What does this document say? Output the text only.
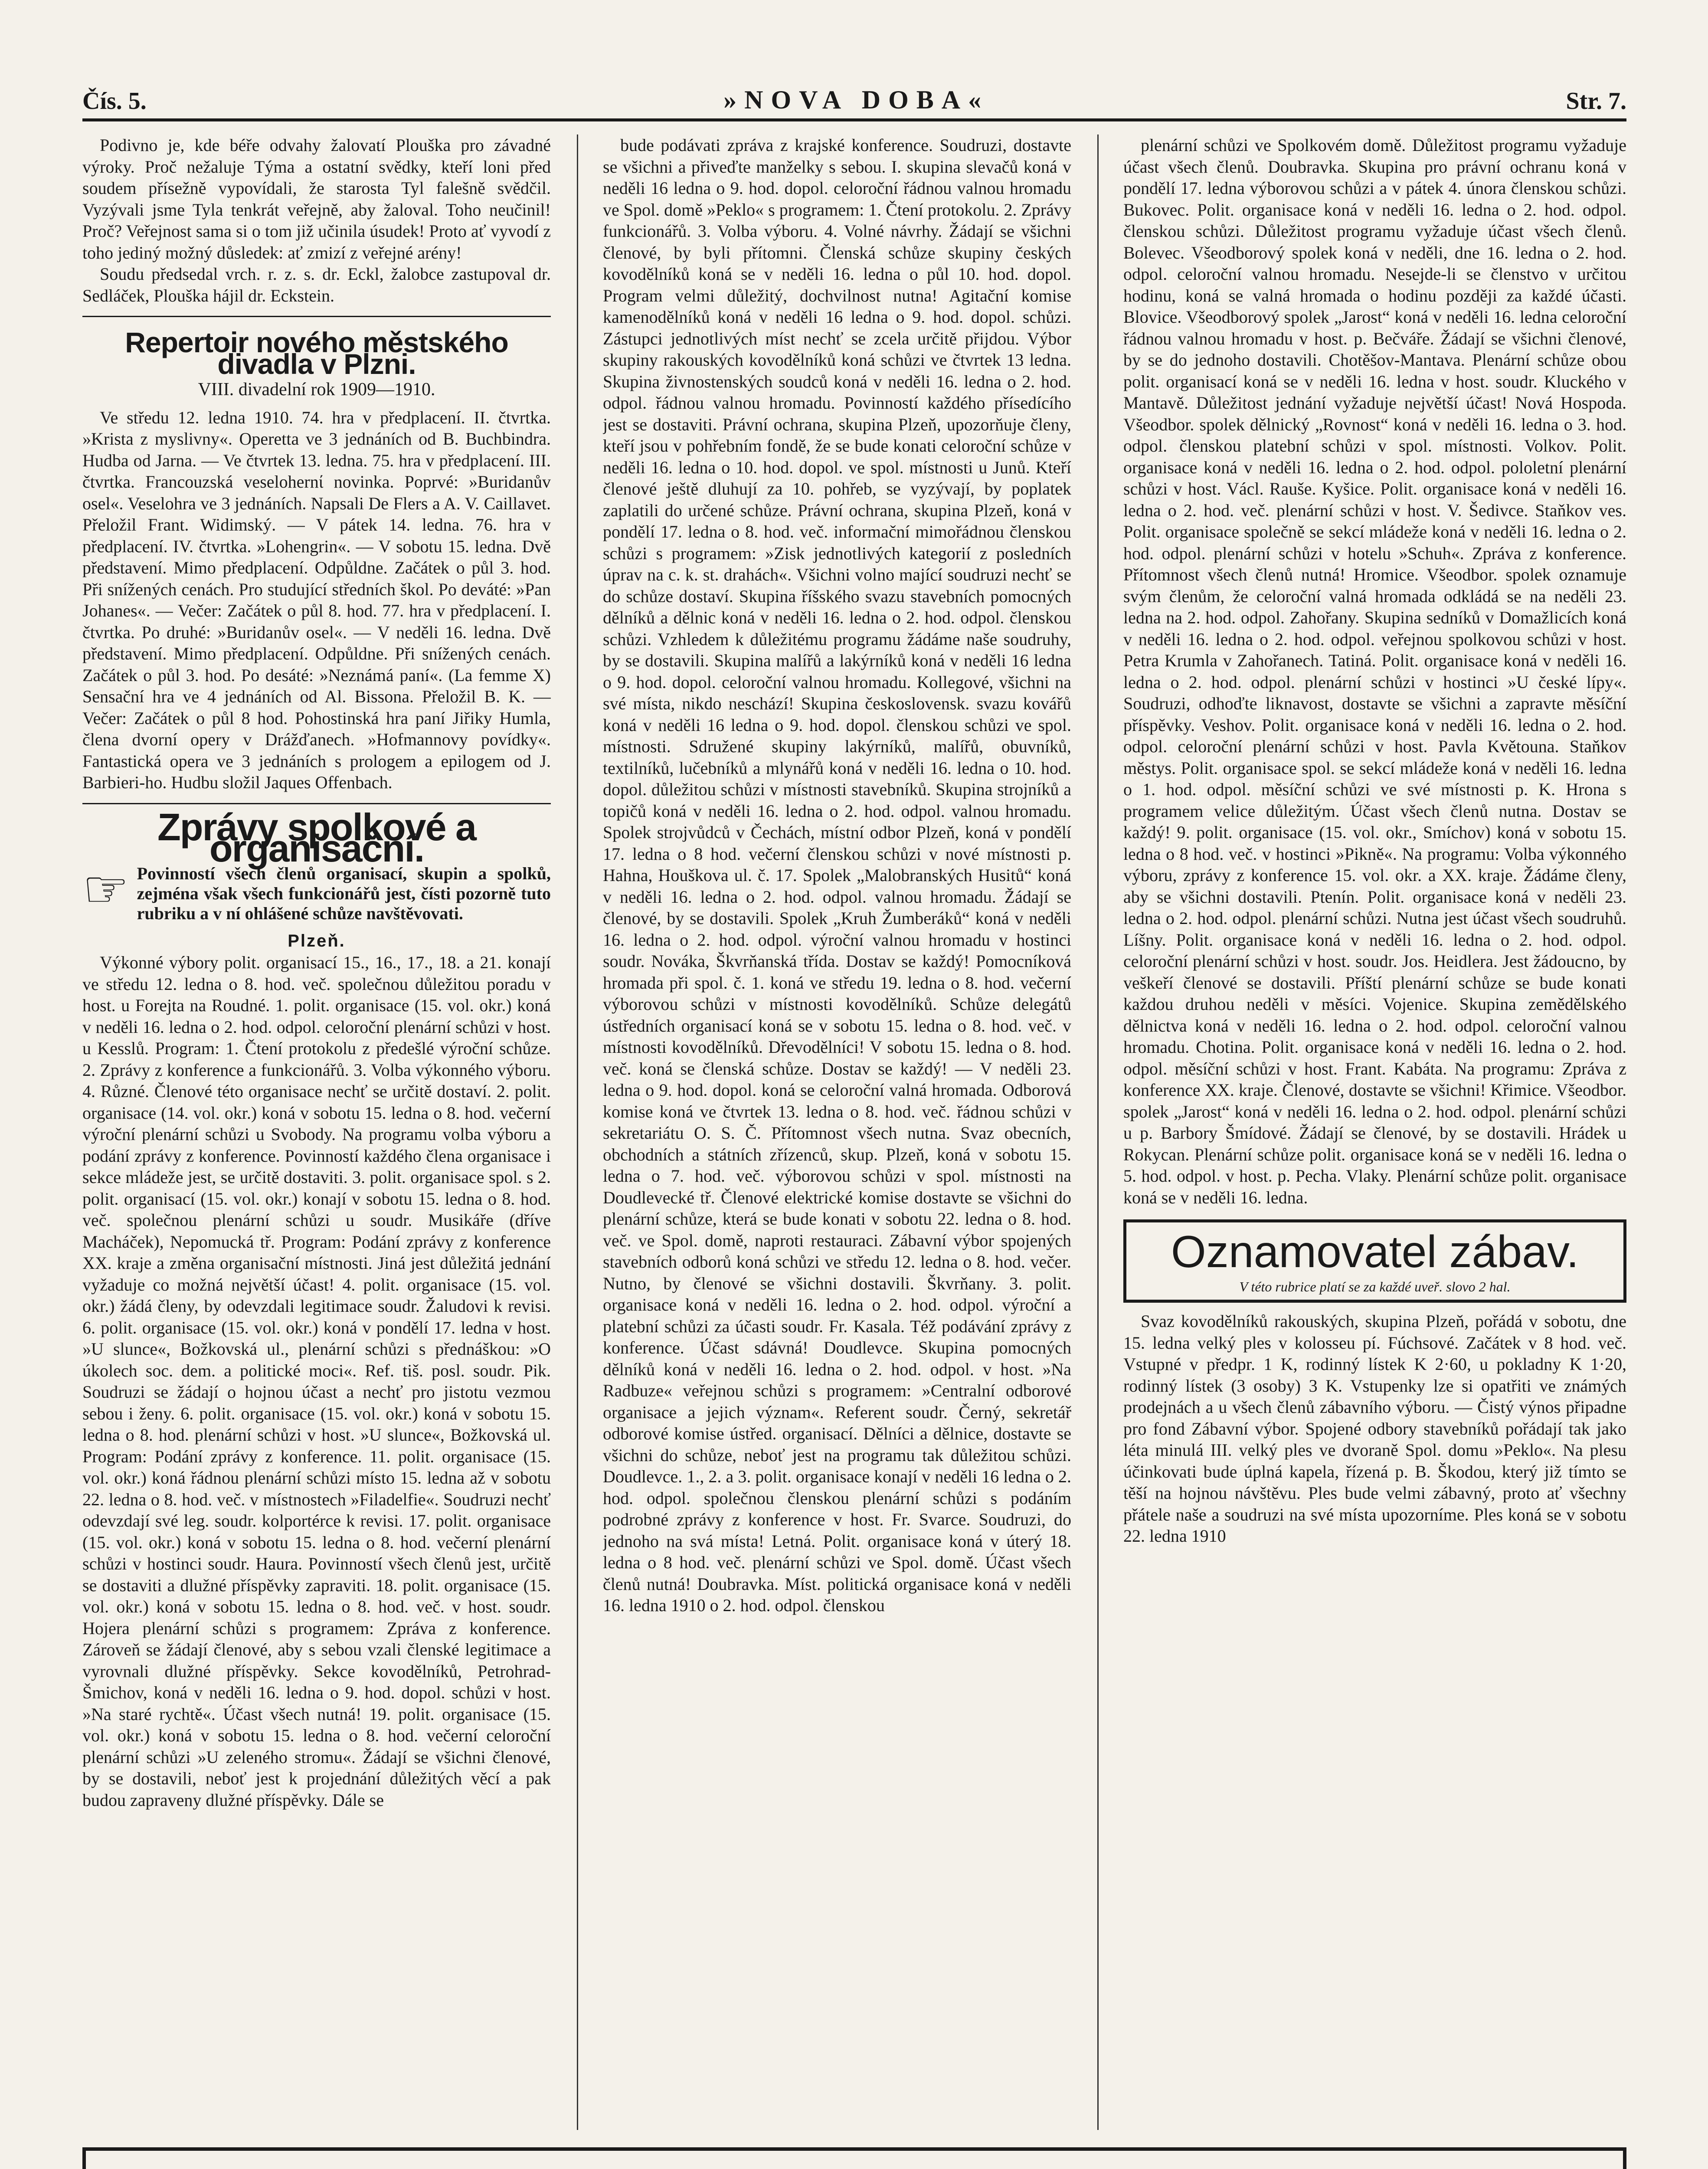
Čís. 5.	»NOVA DOBA«	Str. 7.

Podivno je, kde béře odvahy žalovatí Plouška pro závadné výroky. Proč nežaluje Týma a ostatní svědky, kteří loni před soudem přísežně vypovídali, že starosta Tyl falešně svědčil. Vyzývali jsme Tyla tenkrát veřejně, aby žaloval. Toho neučinil! Proč? Veřejnost sama si o tom již učinila úsudek! Proto ať vyvodí z toho jediný možný důsledek: ať zmizí z veřejné arény!

Soudu předsedal vrch. r. z. s. dr. Eckl, žalobce zastupoval dr. Sedláček, Plouška hájil dr. Eckstein.

Repertoir nového městského divadla v Plzni.

VIII. divadelní rok 1909—1910.

Ve středu 12. ledna 1910. 74. hra v předplacení. II. čtvrtka. »Krista z myslivny«. Operetta ve 3 jednáních od B. Buchbindra. Hudba od Jarna. — Ve čtvrtek 13. ledna. 75. hra v předplacení. III. čtvrtka. Francouzská veselohernί novinka. Poprvé: »Buridanův osel«. Veselohra ve 3 jednáních. Napsali De Flers a A. V. Caillavet. Přeložil Frant. Widimský. — V pátek 14. ledna. 76. hra v předplacení. IV. čtvrtka. »Lohengrin«. — V sobotu 15. ledna. Dvě představení. Mimo předplacení. Odpůldne. Začátek o půl 3. hod. Při snížených cenách. Pro studující středních škol. Po deváté: »Pan Johanes«. — Večer: Začátek o půl 8. hod. 77. hra v předplacení. I. čtvrtka. Po druhé: »Buridanův osel«. — V neděli 16. ledna. Dvě představení. Mimo předplacení. Odpůldne. Při snížených cenách. Začátek o půl 3. hod. Po desáté: »Neznámá paní«. (La femme X) Sensační hra ve 4 jednáních od Al. Bissona. Přeložil B. K. — Večer: Začátek o půl 8 hod. Pohostinská hra paní Jiřiky Humla, člena dvorní opery v Drážďanech. »Hofmannovy povídky«. Fantastická opera ve 3 jednáních s prologem a epilogem od J. Barbieri-ho. Hudbu složil Jaques Offenbach.

Zprávy spolkové a organisační.
☞ Povinností všech členů organisací, skupin a spolků, zejména však všech funkcionářů jest, čísti pozorně tuto rubriku a v ní ohlášené schůze navštěvovati.

Plzeň.

Výkonné výbory polit. organisací 15., 16., 17., 18. a 21. konají ve středu 12. ledna o 8. hod. več. společnou důležitou poradu v host. u Forejta na Roudné. 1. polit. organisace (15. vol. okr.) koná v neděli 16. ledna o 2. hod. odpol. celoroční plenární schůzi v host. u Kesslů. Program: 1. Čtení protokolu z předešlé výroční schůze. 2. Zprávy z konference a funkcionářů. 3. Volba výkonného výboru. 4. Různé. Členové této organisace nechť se určitě dostaví. 2. polit. organisace (14. vol. okr.) koná v sobotu 15. ledna o 8. hod. večerní výroční plenární schůzi u Svobody. Na programu volba výboru a podání zprávy z konference. Povinností každého člena organisace i sekce mládeže jest, se určitě dostaviti. 3. polit. organisace spol. s 2. polit. organisací (15. vol. okr.) konají v sobotu 15. ledna o 8. hod. več. společnou plenární schůzi u soudr. Musikáře (dříve Macháček), Nepomucká tř. Program: Podání zprávy z konference XX. kraje a změna organisační místnosti. Jiná jest důležitá jednání vyžaduje co možná největší účast! 4. polit. organisace (15. vol. okr.) žádá členy, by odevzdali legitimace soudr. Žaludovi k revisi. 6. polit. organisace (15. vol. okr.) koná v pondělí 17. ledna v host. »U slunce«, Božkovská ul., plenární schůzi s přednáškou: »O úkolech soc. dem. a politické moci«. Ref. tiš. posl. soudr. Pik. Soudruzi se žádají o hojnou účast a nechť pro jistotu vezmou sebou i ženy. 6. polit. organisace (15. vol. okr.) koná v sobotu 15. ledna o 8. hod. plenární schůzi v host. »U slunce«, Božkovská ul. Program: Podání zprávy z konference. 11. polit. organisace (15. vol. okr.) koná řádnou plenární schůzi místo 15. ledna až v sobotu 22. ledna o 8. hod. več. v místnostech »Filadelfie«. Soudruzi nechť odevzdají své leg. soudr. kolportérce k revisi. 17. polit. organisace (15. vol. okr.) koná v sobotu 15. ledna o 8. hod. večerní plenární schůzi v hostinci soudr. Haura. Povinností všech členů jest, určitě se dostaviti a dlužné příspěvky zapraviti. 18. polit. organisace (15. vol. okr.) koná v sobotu 15. ledna o 8. hod. več. v host. soudr. Hojera plenární schůzi s programem: Zpráva z konference. Zároveň se žádají členové, aby s sebou vzali členské legitimace a vyrovnali dlužné příspěvky. Sekce kovodělníků, Petrohrad-Šmichov, koná v neděli 16. ledna o 9. hod. dopol. schůzi v host. »Na staré rychtě«. Účast všech nutná! 19. polit. organisace (15. vol. okr.) koná v sobotu 15. ledna o 8. hod. večerní celoroční plenární schůzi »U zeleného stromu«. Žádají se všichni členové, by se dostavili, neboť jest k projednání důležitých věcí a pak budou zapraveny dlužné příspěvky. Dále se

bude podávati zpráva z krajské konference. Soudruzi, dostavte se všichni a přiveďte manželky s sebou. I. skupina slevačů koná v neděli 16 ledna o 9. hod. dopol. celoroční řádnou valnou hromadu ve Spol. domě »Peklo« s programem: 1. Čtení protokolu. 2. Zprávy funkcionářů. 3. Volba výboru. 4. Volné návrhy. Žádají se všichni členové, by byli přítomni. Členská schůze skupiny českých kovodělníků koná se v neděli 16. ledna o půl 10. hod. dopol. Program velmi důležitý, dochvilnost nutna! Agitační komise kamenodělníků koná v neděli 16 ledna o 9. hod. dopol. schůzi. Zástupci jednotlivých míst nechť se zcela určitě přijdou. Výbor skupiny rakouských kovodělníků koná schůzi ve čtvrtek 13 ledna. Skupina živnostenských soudců koná v neděli 16. ledna o 2. hod. odpol. řádnou valnou hromadu. Povinností každého přísedícího jest se dostaviti. Právní ochrana, skupina Plzeň, upozorňuje členy, kteří jsou v pohřebním fondě, že se bude konati celoroční schůze v neděli 16. ledna o 10. hod. dopol. ve spol. místnosti u Junů. Kteří členové ještě dluhují za 10. pohřeb, se vyzývají, by poplatek zaplatili do určené schůze. Právní ochrana, skupina Plzeň, koná v pondělí 17. ledna o 8. hod. več. informační mimořádnou členskou schůzi s programem: »Zisk jednotlivých kategorií z posledních úprav na c. k. st. drahách«. Všichni volno mající soudruzi nechť se do schůze dostaví. Skupina říšského svazu stavebních pomocných dělníků a dělnic koná v neděli 16. ledna o 2. hod. odpol. členskou schůzi. Vzhledem k důležitému programu žádáme naše soudruhy, by se dostavili. Skupina malířů a lakýrníků koná v neděli 16 ledna o 9. hod. dopol. celoroční valnou hromadu. Kollegové, všichni na své místa, nikdo neschází! Skupina československ. svazu kovářů koná v neděli 16 ledna o 9. hod. dopol. členskou schůzi ve spol. místnosti. Sdružené skupiny lakýrníků, malířů, obuvníků, textilníků, lučebníků a mlynářů koná v neděli 16. ledna o 10. hod. dopol. důležitou schůzi v místnosti stavebníků. Skupina strojníků a topičů koná v neděli 16. ledna o 2. hod. odpol. valnou hromadu. Spolek strojvůdců v Čechách, místní odbor Plzeň, koná v pondělí 17. ledna o 8 hod. večerní členskou schůzi v nové místnosti p. Hahna, Houškova ul. č. 17. Spolek „Malobranských Husitů“ koná v neděli 16. ledna o 2. hod. odpol. valnou hromadu. Žádají se členové, by se dostavili. Spolek „Kruh Žumberáků“ koná v neděli 16. ledna o 2. hod. odpol. výroční valnou hromadu v hostinci soudr. Nováka, Škvrňanská třída. Dostav se každý! Pomocníková hromada při spol. č. 1. koná ve středu 19. ledna o 8. hod. večerní výborovou schůzi v místnosti kovodělníků. Schůze delegátů ústředních organisací koná se v sobotu 15. ledna o 8. hod. več. v místnosti kovodělníků. Dřevodělníci! V sobotu 15. ledna o 8. hod. več. koná se členská schůze. Dostav se každý! — V neděli 23. ledna o 9. hod. dopol. koná se celoroční valná hromada. Odborová komise koná ve čtvrtek 13. ledna o 8. hod. več. řádnou schůzi v sekretariátu O. S. Č. Přítomnost všech nutna. Svaz obecních, obchodních a státních zřízenců, skup. Plzeň, koná v sobotu 15. ledna o 7. hod. več. výborovou schůzi v spol. místnosti na Doudlevecké tř. Členové elektrické komise dostavte se všichni do plenární schůze, která se bude konati v sobotu 22. ledna o 8. hod. več. ve Spol. domě, naproti restauraci. Zábavní výbor spojených stavebních odborů koná schůzi ve středu 12. ledna o 8. hod. večer. Nutno, by členové se všichni dostavili. Škvrňany. 3. polit. organisace koná v neděli 16. ledna o 2. hod. odpol. výroční a platební schůzi za účasti soudr. Fr. Kasala. Též podávání zprávy z konference. Účast sdávná! Doudlevce. Skupina pomocných dělníků koná v neděli 16. ledna o 2. hod. odpol. v host. »Na Radbuze« veřejnou schůzi s programem: »Centralní odborové organisace a jejich význam«. Referent soudr. Černý, sekretář odborové komise ústřed. organisací. Dělníci a dělnice, dostavte se všichni do schůze, neboť jest na programu tak důležitou schůzi. Doudlevce. 1., 2. a 3. polit. organisace konají v neděli 16 ledna o 2. hod. odpol. společnou členskou plenární schůzi s podáním podrobné zprávy z konference v host. Fr. Svarce. Soudruzi, do jednoho na svá místa! Letná. Polit. organisace koná v úterý 18. ledna o 8 hod. več. plenární schůzi ve Spol. domě. Účast všech členů nutná! Doubravka. Míst. politická organisace koná v neděli 16. ledna 1910 o 2. hod. odpol. členskou

plenární schůzi ve Spolkovém domě. Důležitost programu vyžaduje účast všech členů. Doubravka. Skupina pro právní ochranu koná v pondělí 17. ledna výborovou schůzi a v pátek 4. února členskou schůzi. Bukovec. Polit. organisace koná v neděli 16. ledna o 2. hod. odpol. členskou schůzi. Důležitost programu vyžaduje účast všech členů. Bolevec. Všeodborový spolek koná v neděli, dne 16. ledna o 2. hod. odpol. celoroční valnou hromadu. Nesejde-li se členstvo v určitou hodinu, koná se valná hromada o hodinu později za každé účasti. Blovice. Všeodborový spolek „Jarost“ koná v neděli 16. ledna celoroční řádnou valnou hromadu v host. p. Bečváře. Žádají se všichni členové, by se do jednoho dostavili. Chotěšov-Mantava. Plenární schůze obou polit. organisací koná se v neděli 16. ledna v host. soudr. Kluckého v Mantavě. Důležitost jednání vyžaduje největší účast! Nová Hospoda. Všeodbor. spolek dělnický „Rovnost“ koná v neděli 16. ledna o 3. hod. odpol. členskou platební schůzi v spol. místnosti. Volkov. Polit. organisace koná v neděli 16. ledna o 2. hod. odpol. pololetní plenární schůzi v host. Václ. Rauše. Kyšice. Polit. organisace koná v neděli 16. ledna o 2. hod. več. plenární schůzi v host. V. Šedivce. Staňkov ves. Polit. organisace společně se sekcí mládeže koná v neděli 16. ledna o 2. hod. odpol. plenární schůzi v hotelu »Schuh«. Zpráva z konference. Přítomnost všech členů nutná! Hromice. Všeodbor. spolek oznamuje svým členům, že celoroční valná hromada odkládá se na neděli 23. ledna na 2. hod. odpol. Zahořany. Skupina sedníků v Domažlicích koná v neděli 16. ledna o 2. hod. odpol. veřejnou spolkovou schůzi v host. Petra Krumla v Zahořanech. Tatiná. Polit. organisace koná v neděli 16. ledna o 2. hod. odpol. plenární schůzi v hostinci »U české lípy«. Soudruzi, odhoďte liknavost, dostavte se všichni a zapravte měsíční příspěvky. Veshov. Polit. organisace koná v neděli 16. ledna o 2. hod. odpol. celoroční plenární schůzi v host. Pavla Květouna. Staňkov městys. Polit. organisace spol. se sekcí mládeže koná v neděli 16. ledna o 1. hod. odpol. měsíční schůzi ve své místnosti p. K. Hrona s programem velice důležitým. Účast všech členů nutna. Dostav se každý! 9. polit. organisace (15. vol. okr., Smíchov) koná v sobotu 15. ledna o 8 hod. več. v hostinci »Pikně«. Na programu: Volba výkonného výboru, zprávy z konference 15. vol. okr. a XX. kraje. Žádáme členy, aby se všichni dostavili. Ptenín. Polit. organisace koná v neděli 23. ledna o 2. hod. odpol. plenární schůzi. Nutna jest účast všech soudruhů. Líšny. Polit. organisace koná v neděli 16. ledna o 2. hod. odpol. celoroční plenární schůzi v host. soudr. Jos. Heidlera. Jest žádoucno, by veškeří členové se dostavili. Příští plenární schůze se bude konati každou druhou neděli v měsíci. Vojenice. Skupina zemědělského dělnictva koná v neděli 16. ledna o 2. hod. odpol. celoroční valnou hromadu. Chotina. Polit. organisace koná v neděli 16. ledna o 2. hod. odpol. měsíční schůzi v host. Frant. Kabáta. Na programu: Zpráva z konference XX. kraje. Členové, dostavte se všichni! Křimice. Všeodbor. spolek „Jarost“ koná v neděli 16. ledna o 2. hod. odpol. plenární schůzi u p. Barbory Šmídové. Žádají se členové, by se dostavili. Hrádek u Rokycan. Plenární schůze polit. organisace koná se v neděli 16. ledna o 5. hod. odpol. v host. p. Pecha. Vlaky. Plenární schůze polit. organisace koná se v neděli 16. ledna.

Oznamovatel zábav.
V této rubrice platí se za každé uveř. slovo 2 hal.

Svaz kovodělníků rakouských, skupina Plzeň, pořádá v sobotu, dne 15. ledna velký ples v kolosseu pí. Fúchsové. Začátek v 8 hod. več. Vstupné v předpr. 1 K, rodinný lístek K 2·60, u pokladny K 1·20, rodinný lístek (3 osoby) 3 K. Vstupenky lze si opatřiti ve známých prodejnách a u všech členů zábavního výboru. — Čistý výnos připadne pro fond Zábavní výbor. Spojené odbory stavebníků pořádají tak jako léta minulá III. velký ples ve dvoraně Spol. domu »Peklo«. Na plesu účinkovati bude úplná kapela, řízená p. B. Škodou, který již tímto se těší na hojnou návštěvu. Ples bude velmi zábavný, proto ať všechny přátele naše a soudruzi na své místa upozorníme. Ples koná se v sobotu 22. ledna 1910
